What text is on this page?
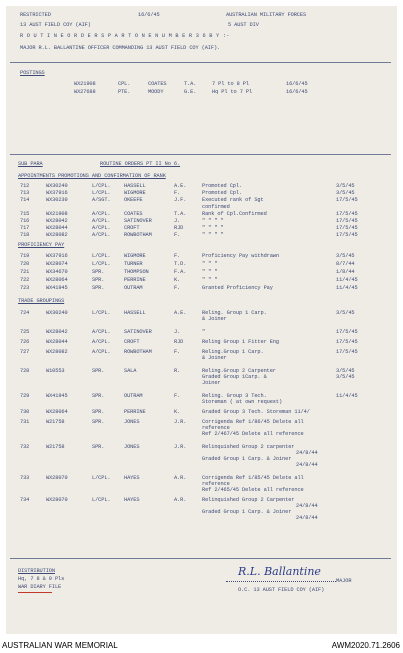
RESTRICTED	16/6/45	AUSTRALIAN MILITARY FORCES
13 AUST FIELD COY (AIF)	5 AUST DIV
R O U T I N E O R D E R S P A R T O N E N U M B E R 3 6 B Y :-
MAJOR R.L. BALLANTINE OFFICER COMMANDING 13 AUST FIELD COY (AIF).
POSTINGS
WX21908	CPL.	COATES	T.A.	7 Pl to 8 Pl	16/6/45
WX27688	PTE.	MOODY	G.E.	Hq Pl to 7 Pl	16/6/45
SUB PARA	ROUTINE ORDERS PT II No 6.
APPOINTMENTS PROMOTIONS AND CONFIRMATION OF RANK
712	WX30240	L/CPL.	HASSELL	A.E.	Promoted Cpl.	3/5/45
713	WX37916	L/CPL.	WIGMORE	F.	Promoted Cpl.	3/5/45
714	WX30230	A/SGT.	OKEEFE	J.F.	Executed rank of Sgt	17/5/45
confirmed
715	WX21908	A/CPL.	COATES	T.A.	Rank of Cpl.Confirmed	17/5/45
716	WX28042	A/CPL.	SATINOVER	J.	" " " "	17/5/45
717	WX28044	A/CPL.	CROFT	RJD	" " " "	17/5/45
718	WX28082	A/CPL.	ROWBOTHAM	F.	" " " "	17/5/45
PROFICIENCY PAY
719	WX37916	L/CPL.	WIGMORE	F.	Proficiency Pay withdrawn	3/5/45
720	WX28074	L/CPL.	TURNER	T.D.	" " "	8/7/44
721	WX34670	SPR.	THOMPSON	F.A.	" " "	1/8/44
722	WX28064	SPR.	PERRINE	K.	" " "	11/4/45
723	WX41945	SPR.	OUTRAM	F.	Granted Proficiency Pay	11/4/45
TRADE GROUPINGS
724	WX30240	L/CPL.	HASSELL	A.E.	Reling. Group 1 Carp.
& Joiner
3/5/45
725	WX28042	A/CPL.	SATINOVER	J.	"	17/5/45
726	WX28044	A/CPL.	CROFT	RJD	Reling Group 1 Fitter Eng	17/5/45
727	WX28082	A/CPL.	ROWBOTHAM	F.	Reling.Group 1 Carp.
& Joiner
17/5/45
728	W10553	SPR.	SALA	R.	Reling.Group 2 Carpenter
Graded Group 1Carp. &
Joiner
3/5/45
3/5/45
729	WX41945	SPR.	OUTRAM	F.	Reling. Group 3 Tech.
Storeman ( at own request)
11/4/45
730	WX28064	SPR.	PERRINE	K.	Graded Group 3 Tech. Storeman 11/4/
731	W21758	SPR.	JONES	J.R.	Corrigenda Ref 1/86/45 Delete all
reference
Ref 2/467/45 Delete all reference
732	W21758	SPR.	JONES	J.R.	Relinquished Group 2 carpenter
24/8/44
Graded Group 1 Carp. & Joiner
24/8/44
733	WX28070	L/CPL.	HAYES	A.R.	Corrigenda Ref 1/85/45 Delete all
reference
Ref 2/465/45 Delete all reference
734	WX28070	L/CPL.	HAYES	A.R.	Relinquished Group 2 Carpenter
24/8/44
Graded Group 1 Carp. & Joiner
24/8/44
DISTRIBUTION
Hq, 7 8 & 9 Pls
WAR DIARY FILE
R.L. Ballantine
MAJOR
O.C. 13 AUST FIELD COY (AIF)
AUSTRALIAN WAR MEMORIAL	AWM2020.71.2606
